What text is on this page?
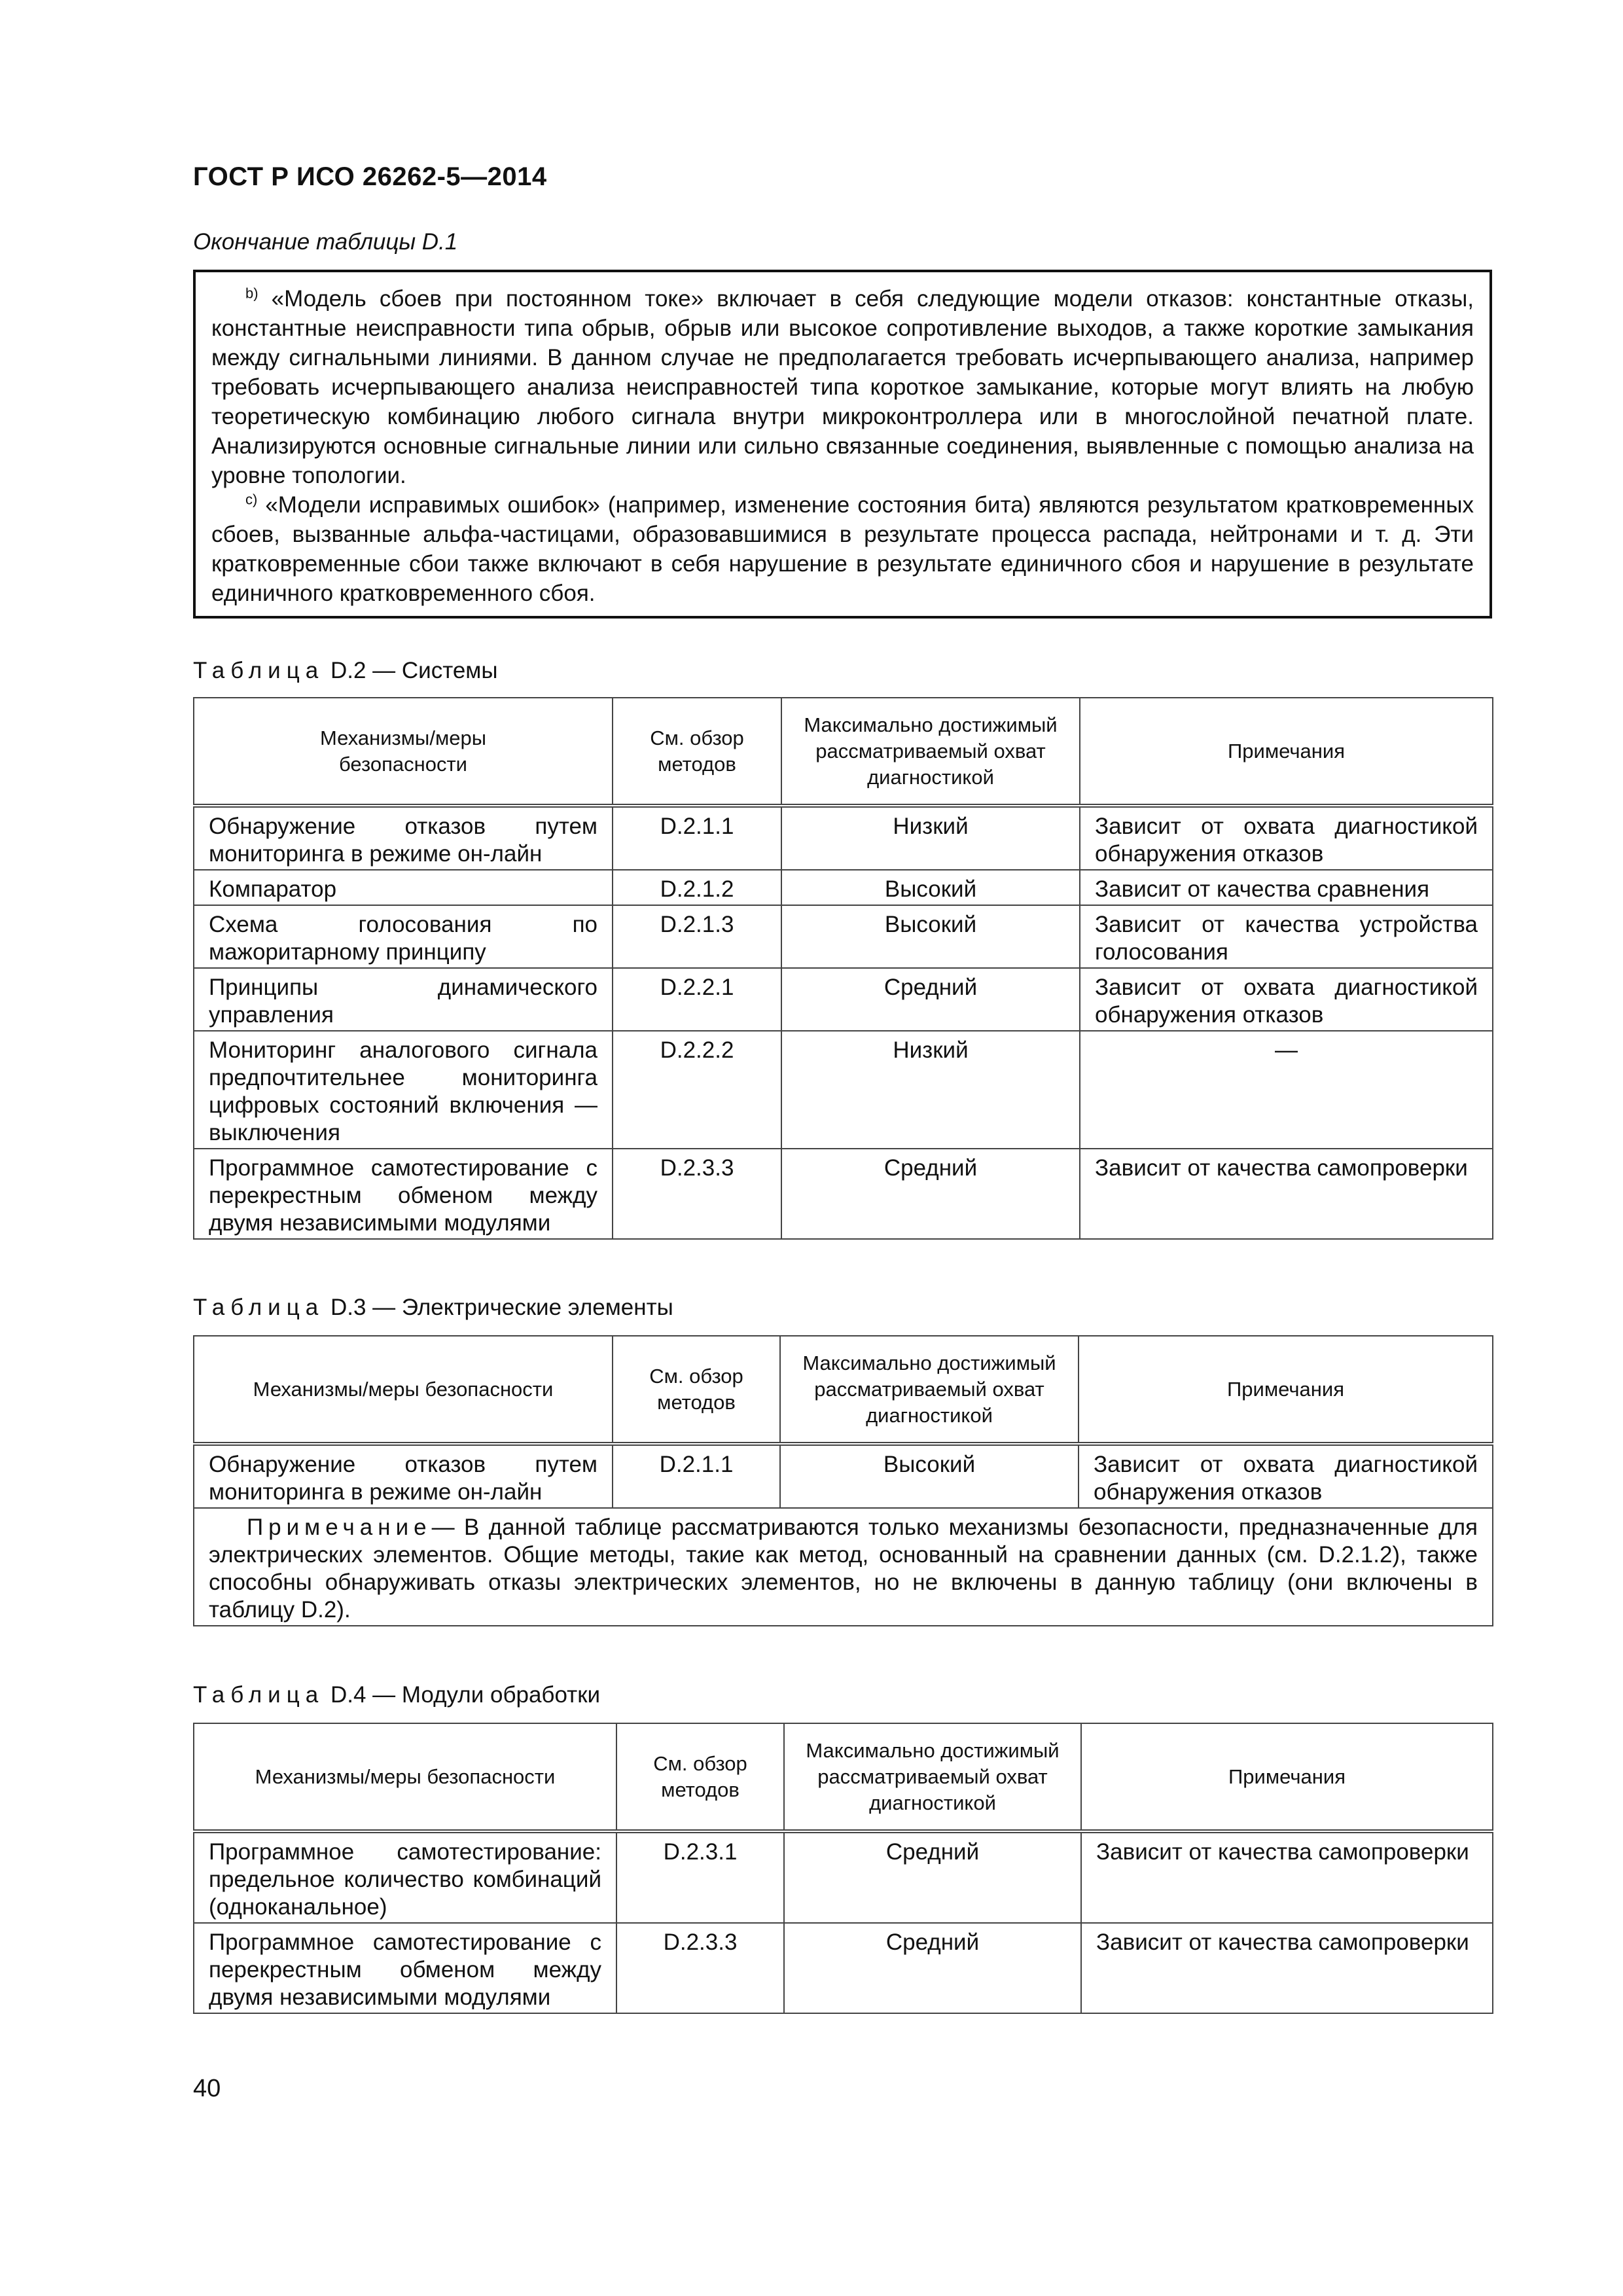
ГОСТ Р ИСО 26262-5—2014
Окончание таблицы D.1

$^{b)}$ «Модель сбоев при постоянном токе» включает в себя следующие модели отказов: константные отказы, константные неисправности типа обрыв, обрыв или высокое сопротивление выходов, а также короткие замыкания между сигнальными линиями. В данном случае не предполагается требовать исчерпывающего анализа, например требовать исчерпывающего анализа неисправностей типа короткое замыкание, которые могут влиять на любую теоретическую комбинацию любого сигнала внутри микроконтроллера или в многослойной печатной плате. Анализируются основные сигнальные линии или сильно связанные соединения, выявленные с помощью анализа на уровне топологии.

$^{c)}$ «Модели исправимых ошибок» (например, изменение состояния бита) являются результатом кратковременных сбоев, вызванные альфа-частицами, образовавшимися в результате процесса распада, нейтронами и т. д. Эти кратковременные сбои также включают в себя нарушение в результате единичного сбоя и нарушение в результате единичного кратковременного сбоя.

Таблица D.2 — Системы
Механизмы/меры безопасности	См. обзор методов	Максимально достижимый рассматриваемый охват диагностикой	Примечания
Обнаружение отказов путем мониторинга в режиме он-лайн	D.2.1.1	Низкий	Зависит от охвата диагностикой обнаружения отказов
Компаратор	D.2.1.2	Высокий	Зависит от качества сравнения
Схема голосования по мажоритарному принципу	D.2.1.3	Высокий	Зависит от качества устройства голосования
Принципы динамического управления	D.2.2.1	Средний	Зависит от охвата диагностикой обнаружения отказов
Мониторинг аналогового сигнала предпочтительнее мониторинга цифровых состояний включения — выключения	D.2.2.2	Низкий	—
Программное самотестирование с перекрестным обменом между двумя независимыми модулями	D.2.3.3	Средний	Зависит от качества самопроверки
Таблица D.3 — Электрические элементы
Механизмы/меры безопасности	См. обзор методов	Максимально достижимый рассматриваемый охват диагностикой	Примечания
Обнаружение отказов путем мониторинга в режиме он-лайн	D.2.1.1	Высокий	Зависит от охвата диагностикой обнаружения отказов
Примечание— В данной таблице рассматриваются только механизмы безопасности, предназначенные для электрических элементов. Общие методы, такие как метод, основанный на сравнении данных (см. D.2.1.2), также способны обнаруживать отказы электрических элементов, но не включены в данную таблицу (они включены в таблицу D.2).			
Таблица D.4 — Модули обработки
Механизмы/меры безопасности	См. обзор методов	Максимально достижимый рассматриваемый охват диагностикой	Примечания
Программное самотестирование: предельное количество комбинаций (одноканальное)	D.2.3.1	Средний	Зависит от качества самопроверки
Программное самотестирование с перекрестным обменом между двумя независимыми модулями	D.2.3.3	Средний	Зависит от качества самопроверки
40
